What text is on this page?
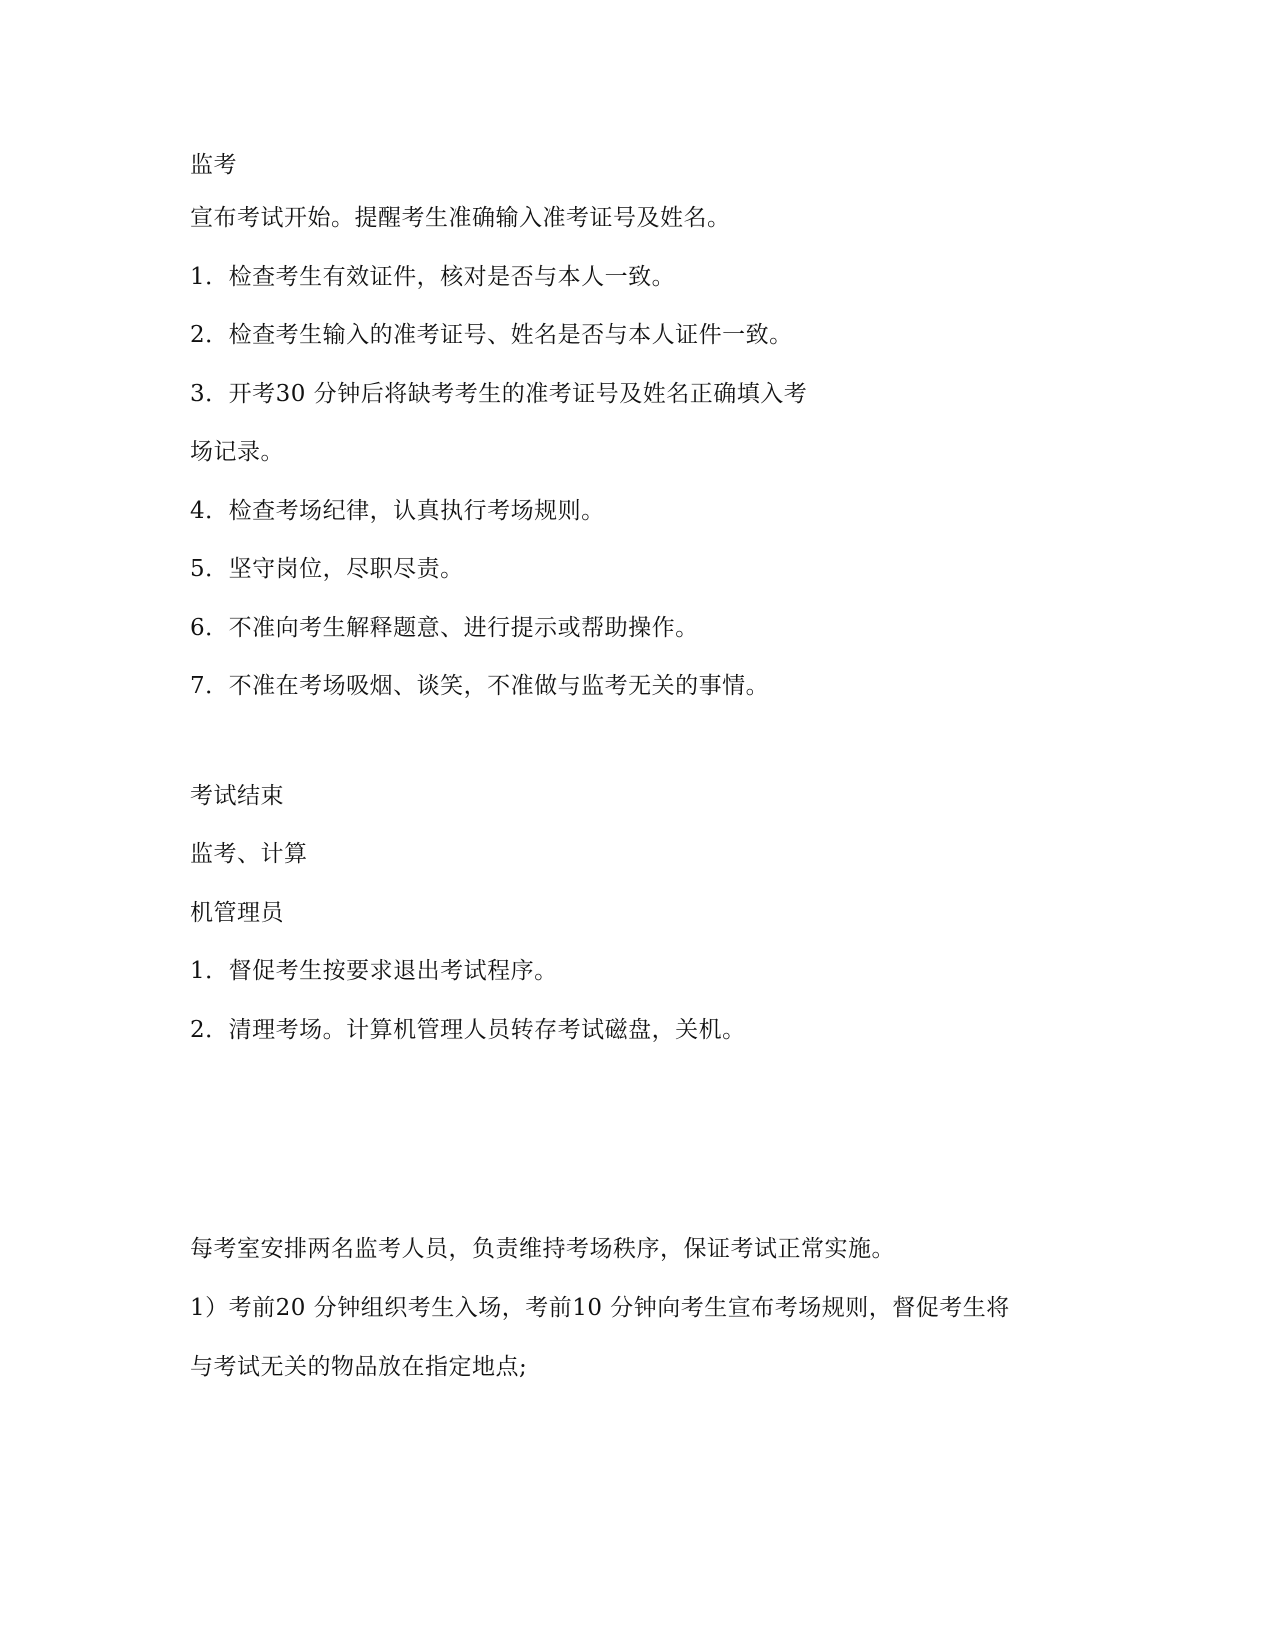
监考
宣布考试开始。提醒考生准确输入准考证号及姓名。
1．检查考生有效证件，核对是否与本人一致。
2．检查考生输入的准考证号、姓名是否与本人证件一致。
3．开考30 分钟后将缺考考生的准考证号及姓名正确填入考
场记录。
4．检查考场纪律，认真执行考场规则。
5．坚守岗位，尽职尽责。
6．不准向考生解释题意、进行提示或帮助操作。
7．不准在考场吸烟、谈笑，不准做与监考无关的事情。
考试结束
监考、计算
机管理员
1．督促考生按要求退出考试程序。
2．清理考场。计算机管理人员转存考试磁盘，关机。
每考室安排两名监考人员，负责维持考场秩序，保证考试正常实施。
1）考前20 分钟组织考生入场，考前10 分钟向考生宣布考场规则，督促考生将
与考试无关的物品放在指定地点;
